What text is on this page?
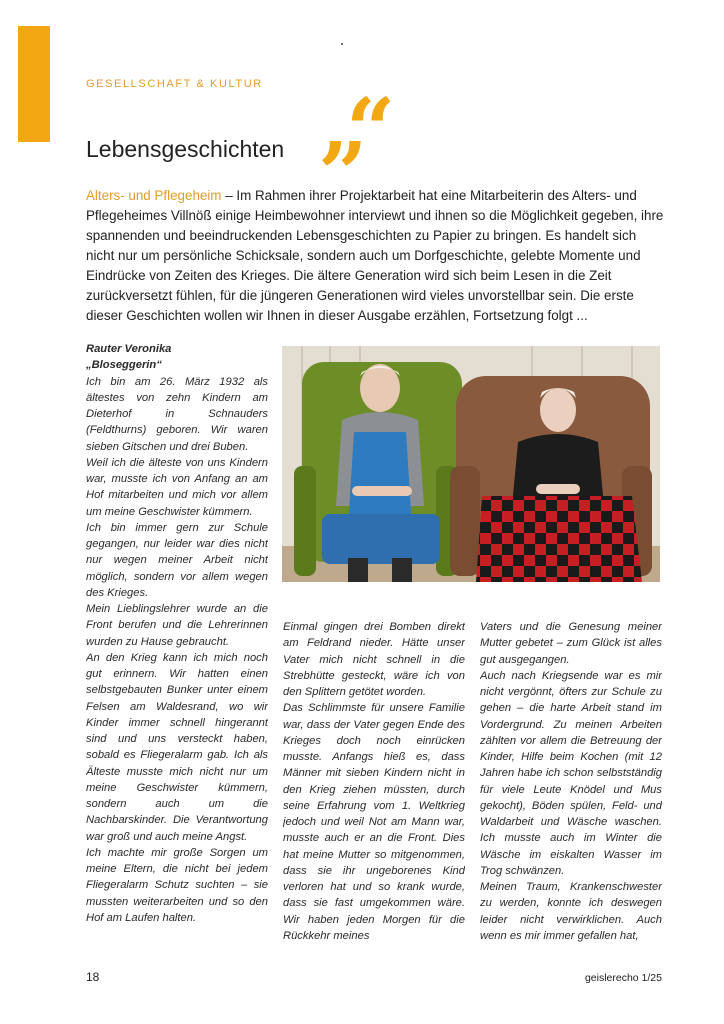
GESELLSCHAFT & KULTUR
Lebensgeschichten “
”

Alters- und Pflegeheim – Im Rahmen ihrer Projektarbeit hat eine Mitarbeiterin des Alters- und Pflegeheimes Villnöß einige Heimbewohner interviewt und ihnen so die Möglichkeit gegeben, ihre spannenden und beeindruckenden Lebensgeschichten zu Papier zu bringen. Es handelt sich nicht nur um persönliche Schicksale, sondern auch um Dorfgeschichte, gelebte Momente und Eindrücke von Zeiten des Krieges. Die ältere Generation wird sich beim Lesen in die Zeit zurückversetzt fühlen, für die jüngeren Generationen wird vieles unvorstellbar sein. Die erste dieser Geschichten wollen wir Ihnen in dieser Ausgabe erzählen, Fortsetzung folgt ...

Rauter Veronika

„Bloseggerin“

Ich bin am 26. März 1932 als ältestes von zehn Kindern am Dieterhof in Schnauders (Feldthurns) geboren. Wir waren sieben Gitschen und drei Buben.

Weil ich die älteste von uns Kindern war, musste ich von Anfang an am Hof mitarbeiten und mich vor allem um meine Geschwister kümmern.

Ich bin immer gern zur Schule gegangen, nur leider war dies nicht nur wegen meiner Arbeit nicht möglich, sondern vor allem wegen des Krieges.

Mein Lieblingslehrer wurde an die Front berufen und die Lehrerinnen wurden zu Hause gebraucht.

An den Krieg kann ich mich noch gut erinnern. Wir hatten einen selbstgebauten Bunker unter einem Felsen am Waldesrand, wo wir Kinder immer schnell hingerannt sind und uns versteckt haben, sobald es Fliegeralarm gab. Ich als Älteste musste mich nicht nur um meine Geschwister kümmern, sondern auch um die Nachbarskinder. Die Verantwortung war groß und auch meine Angst.

Ich machte mir große Sorgen um meine Eltern, die nicht bei jedem Fliegeralarm Schutz suchten – sie mussten weiterarbeiten und so den Hof am Laufen halten.

Einmal gingen drei Bomben direkt am Feldrand nieder. Hätte unser Vater mich nicht schnell in die Strebhütte gesteckt, wäre ich von den Splittern getötet worden.

Das Schlimmste für unsere Familie war, dass der Vater gegen Ende des Krieges doch noch einrücken musste. Anfangs hieß es, dass Männer mit sieben Kindern nicht in den Krieg ziehen müssten, durch seine Erfahrung vom 1. Weltkrieg jedoch und weil Not am Mann war, musste auch er an die Front. Dies hat meine Mutter so mitgenommen, dass sie ihr ungeborenes Kind verloren hat und so krank wurde, dass sie fast umgekommen wäre. Wir haben jeden Morgen für die Rückkehr meines

Vaters und die Genesung meiner Mutter gebetet – zum Glück ist alles gut ausgegangen.

Auch nach Kriegsende war es mir nicht vergönnt, öfters zur Schule zu gehen – die harte Arbeit stand im Vordergrund. Zu meinen Arbeiten zählten vor allem die Betreuung der Kinder, Hilfe beim Kochen (mit 12 Jahren habe ich schon selbstständig für viele Leute Knödel und Mus gekocht), Böden spülen, Feld- und Waldarbeit und Wäsche waschen. Ich musste auch im Winter die Wäsche im eiskalten Wasser im Trog schwänzen.

Meinen Traum, Krankenschwester zu werden, konnte ich deswegen leider nicht verwirklichen. Auch wenn es mir immer gefallen hat,

18	geislerecho 1/25
